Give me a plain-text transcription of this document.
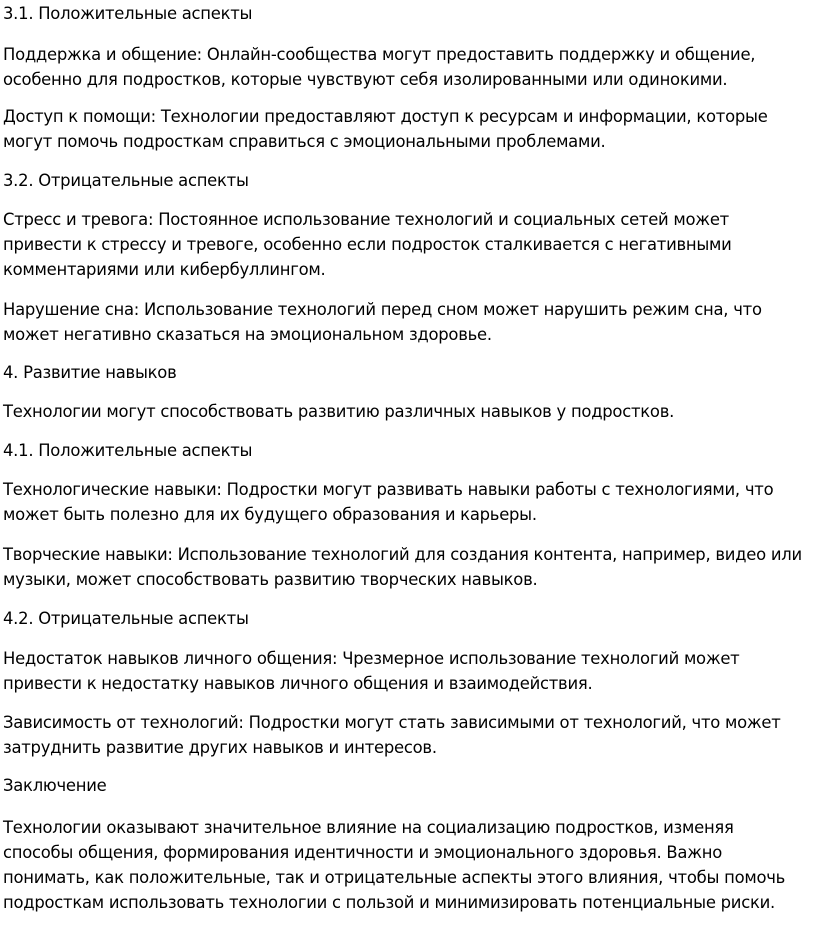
3.1. Положительные аспекты

Поддержка и общение: Онлайн-сообщества могут предоставить поддержку и общение, особенно для подростков, которые чувствуют себя изолированными или одинокими.

Доступ к помощи: Технологии предоставляют доступ к ресурсам и информации, которые могут помочь подросткам справиться с эмоциональными проблемами.

3.2. Отрицательные аспекты

Стресс и тревога: Постоянное использование технологий и социальных сетей может привести к стрессу и тревоге, особенно если подросток сталкивается с негативными комментариями или кибербуллингом.

Нарушение сна: Использование технологий перед сном может нарушить режим сна, что может негативно сказаться на эмоциональном здоровье.

4. Развитие навыков

Технологии могут способствовать развитию различных навыков у подростков.

4.1. Положительные аспекты

Технологические навыки: Подростки могут развивать навыки работы с технологиями, что может быть полезно для их будущего образования и карьеры.

Творческие навыки: Использование технологий для создания контента, например, видео или музыки, может способствовать развитию творческих навыков.

4.2. Отрицательные аспекты

Недостаток навыков личного общения: Чрезмерное использование технологий может привести к недостатку навыков личного общения и взаимодействия.

Зависимость от технологий: Подростки могут стать зависимыми от технологий, что может затруднить развитие других навыков и интересов.

Заключение

Технологии оказывают значительное влияние на социализацию подростков, изменяя способы общения, формирования идентичности и эмоционального здоровья. Важно понимать, как положительные, так и отрицательные аспекты этого влияния, чтобы помочь подросткам использовать технологии с пользой и минимизировать потенциальные риски.
